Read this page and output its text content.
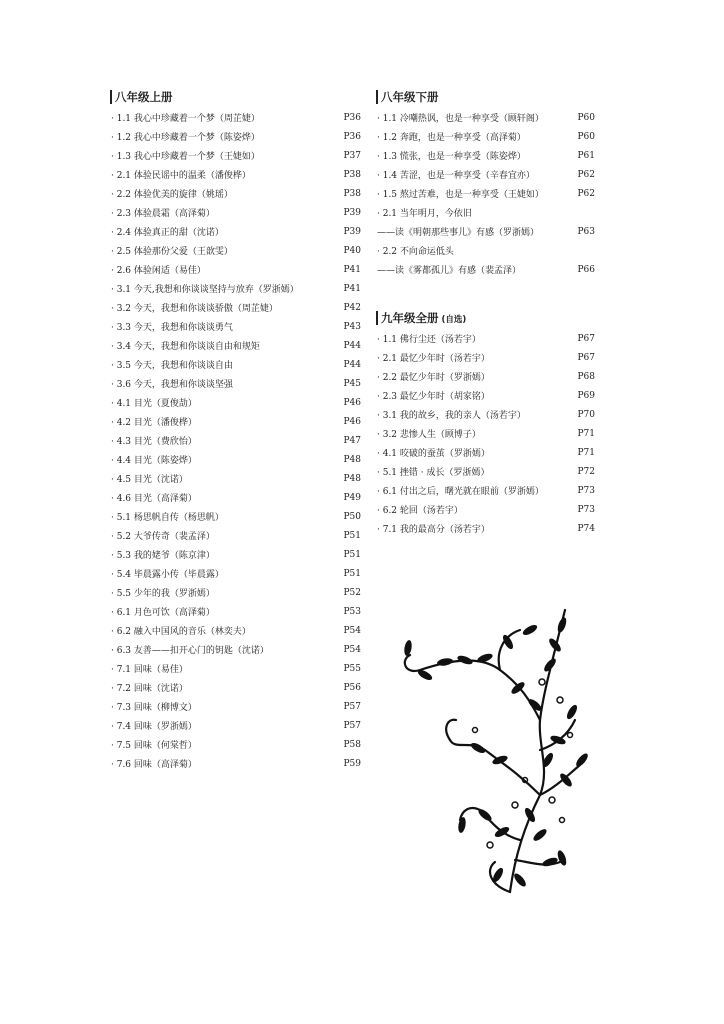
八年级上册
· 1.1 我心中珍藏着一个梦（周芷婕）	P36
· 1.2 我心中珍藏着一个梦（陈姿烨）	P36
· 1.3 我心中珍藏着一个梦（王婕如）	P37
· 2.1 体验民谣中的温柔（潘俊桦）	P38
· 2.2 体验优美的旋律（姚瑶）	P38
· 2.3 体验晨霜（高泽菊）	P39
· 2.4 体验真正的甜（沈诺）	P39
· 2.5 体验那份父爱（王歆雯）	P40
· 2.6 体验闲适（易佳）	P41
· 3.1 今天,我想和你谈谈坚持与放弃（罗浙嫣）	P41
· 3.2 今天，我想和你谈谈骄傲（周芷婕）	P42
· 3.3 今天，我想和你谈谈勇气	P43
· 3.4 今天，我想和你谈谈自由和规矩	P44
· 3.5 今天，我想和你谈谈自由	P44
· 3.6 今天，我想和你谈谈坚强	P45
· 4.1 目光（夏俊劼）	P46
· 4.2 目光（潘俊桦）	P46
· 4.3 目光（费欣怡）	P47
· 4.4 目光（陈姿烨）	P48
· 4.5 目光（沈诺）	P48
· 4.6 目光（高泽菊）	P49
· 5.1 杨思帆自传（杨思帆）	P50
· 5.2 大爷传奇（裴孟泽）	P51
· 5.3 我的姥爷（陈京津）	P51
· 5.4 毕晨露小传（毕晨露）	P51
· 5.5 少年的我（罗浙嫣）	P52
· 6.1 月色可饮（高泽菊）	P53
· 6.2 融入中国风的音乐（林奕夫）	P54
· 6.3 友善——扣开心门的钥匙（沈诺）	P54
· 7.1 回味（易佳）	P55
· 7.2 回味（沈诺）	P56
· 7.3 回味（柳博文）	P57
· 7.4 回味（罗浙嫣）	P57
· 7.5 回味（何棠哲）	P58
· 7.6 回味（高泽菊）	P59
八年级下册
· 1.1 冷嘲热讽，也是一种享受（顾轩阁）	P60
· 1.2 奔跑，也是一种享受（高泽菊）	P60
· 1.3 慌张，也是一种享受（陈姿烨）	P61
· 1.4 苦涩，也是一种享受（辛春宜亦）	P62
· 1.5 熬过苦难，也是一种享受（王婕如）	P62
· 2.1 当年明月，今依旧
——读《明朝那些事儿》有感（罗浙嫣）	P63
· 2.2 不向命运低头
——读《雾都孤儿》有感（裴孟泽）	P66
九年级全册 (自选)
· 1.1 佛行尘还（汤若宇）	P67
· 2.1 最忆少年时（汤若宇）	P67
· 2.2 最忆少年时（罗浙嫣）	P68
· 2.3 最忆少年时（胡家铭）	P69
· 3.1 我的故乡，我的亲人（汤若宇）	P70
· 3.2 悲惨人生（顾博子）	P71
· 4.1 咬破的蚕茧（罗浙嫣）	P71
· 5.1 挫错 · 成长（罗浙嫣）	P72
· 6.1 付出之后，曙光就在眼前（罗浙嫣）	P73
· 6.2 轮回（汤若宇）	P73
· 7.1 我的最高分（汤若宇）	P74
